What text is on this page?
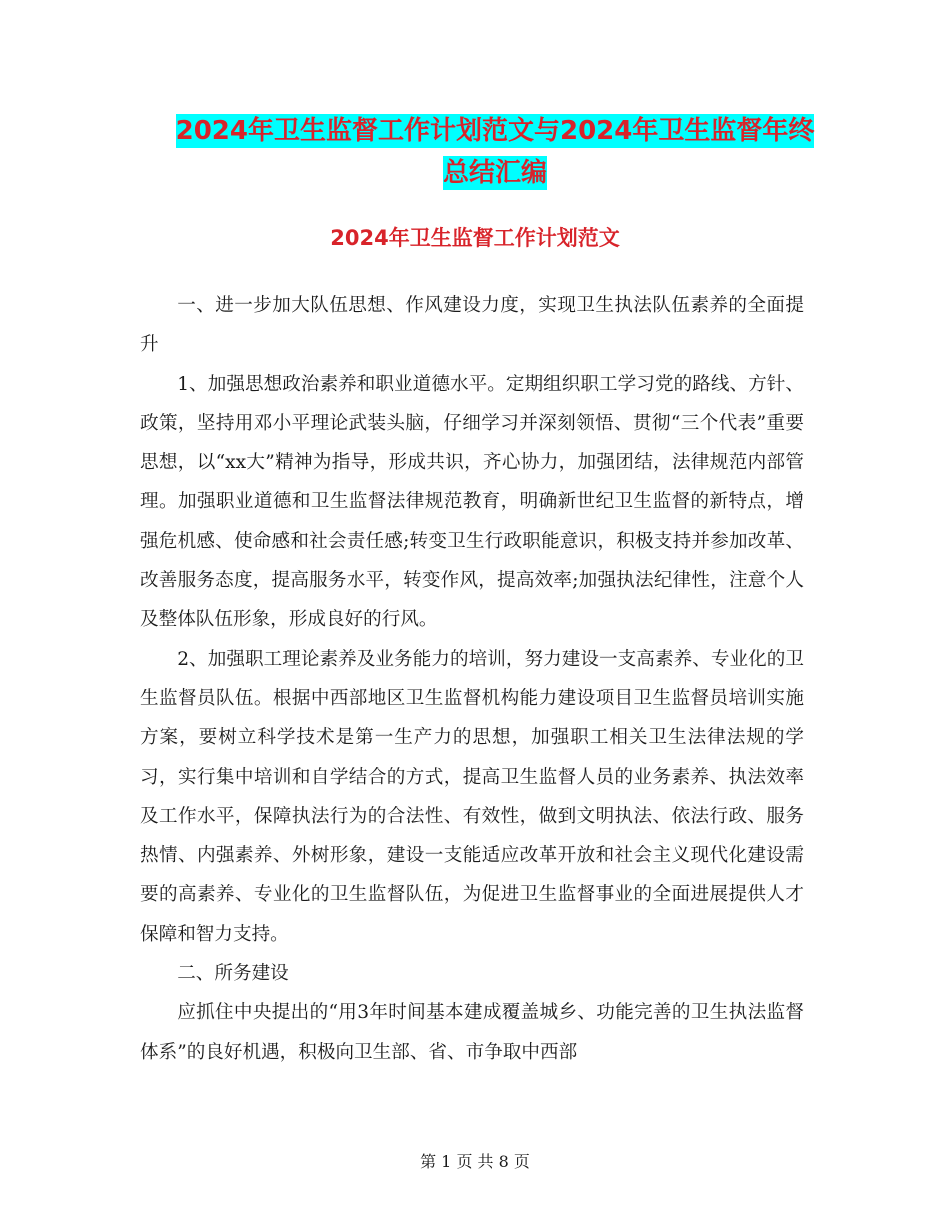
2024年卫生监督工作计划范文与2024年卫生监督年终
总结汇编
2024年卫生监督工作计划范文

一、进一步加大队伍思想、作风建设力度，实现卫生执法队伍素养的全面提升

1、加强思想政治素养和职业道德水平。定期组织职工学习党的路线、方针、政策，坚持用邓小平理论武装头脑，仔细学习并深刻领悟、贯彻“三个代表”重要思想，以“xx大”精神为指导，形成共识，齐心协力，加强团结，法律规范内部管理。加强职业道德和卫生监督法律规范教育，明确新世纪卫生监督的新特点，增强危机感、使命感和社会责任感;转变卫生行政职能意识，积极支持并参加改革、改善服务态度，提高服务水平，转变作风，提高效率;加强执法纪律性，注意个人及整体队伍形象，形成良好的行风。

2、加强职工理论素养及业务能力的培训，努力建设一支高素养、专业化的卫生监督员队伍。根据中西部地区卫生监督机构能力建设项目卫生监督员培训实施方案，要树立科学技术是第一生产力的思想，加强职工相关卫生法律法规的学习，实行集中培训和自学结合的方式，提高卫生监督人员的业务素养、执法效率及工作水平，保障执法行为的合法性、有效性，做到文明执法、依法行政、服务热情、内强素养、外树形象，建设一支能适应改革开放和社会主义现代化建设需要的高素养、专业化的卫生监督队伍，为促进卫生监督事业的全面进展提供人才保障和智力支持。

二、所务建设

应抓住中央提出的“用3年时间基本建成覆盖城乡、功能完善的卫生执法监督体系”的良好机遇，积极向卫生部、省、市争取中西部

第 1 页 共 8 页
